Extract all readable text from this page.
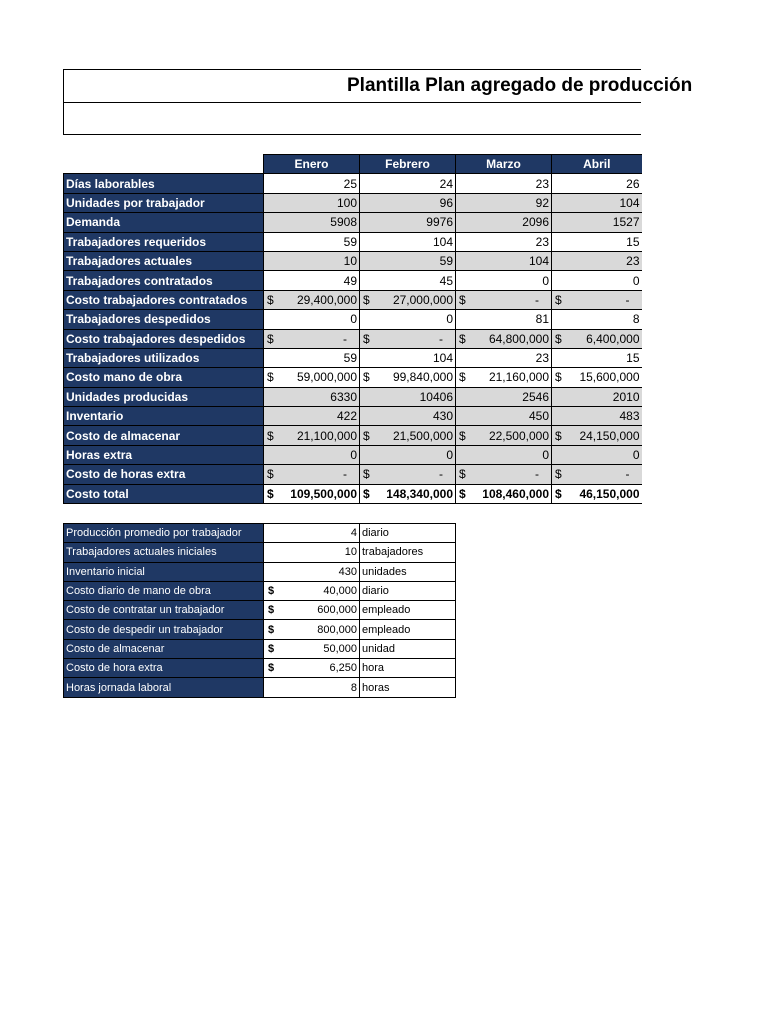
Plantilla Plan agregado de producción
	Enero	Febrero	Marzo	Abril
Días laborables	25	24	23	26
Unidades por trabajador	100	96	92	104
Demanda	5908	9976	2096	1527
Trabajadores requeridos	59	104	23	15
Trabajadores actuales	10	59	104	23
Trabajadores contratados	49	45	0	0
Costo trabajadores contratados	$ 29,400,000	$ 27,000,000	$ -	$ -

Trabajadores despedidos	0	0	81	8
Costo trabajadores despedidos	$ -	$ -	$ 64,800,000	$ 6,400,000

Trabajadores utilizados	59	104	23	15
Costo mano de obra	$ 59,000,000	$ 99,840,000	$ 21,160,000	$ 15,600,000

Unidades producidas	6330	10406	2546	2010
Inventario	422	430	450	483
Costo de almacenar	$ 21,100,000	$ 21,500,000	$ 22,500,000	$ 24,150,000

Horas extra	0	0	0	0
Costo de horas extra	$ -	$ -	$ -	$ -

Costo total	$ 109,500,000	$ 148,340,000	$ 108,460,000	$ 46,150,000
Producción promedio por trabajador	4	diario
Trabajadores actuales iniciales	10	trabajadores
Inventario inicial	430	unidades
Costo diario de mano de obra	$ 40,000	diario
Costo de contratar un trabajador	$ 600,000	empleado
Costo de despedir un trabajador	$ 800,000	empleado
Costo de almacenar	$ 50,000	unidad
Costo de hora extra	$ 6,250	hora
Horas jornada laboral	8	horas
